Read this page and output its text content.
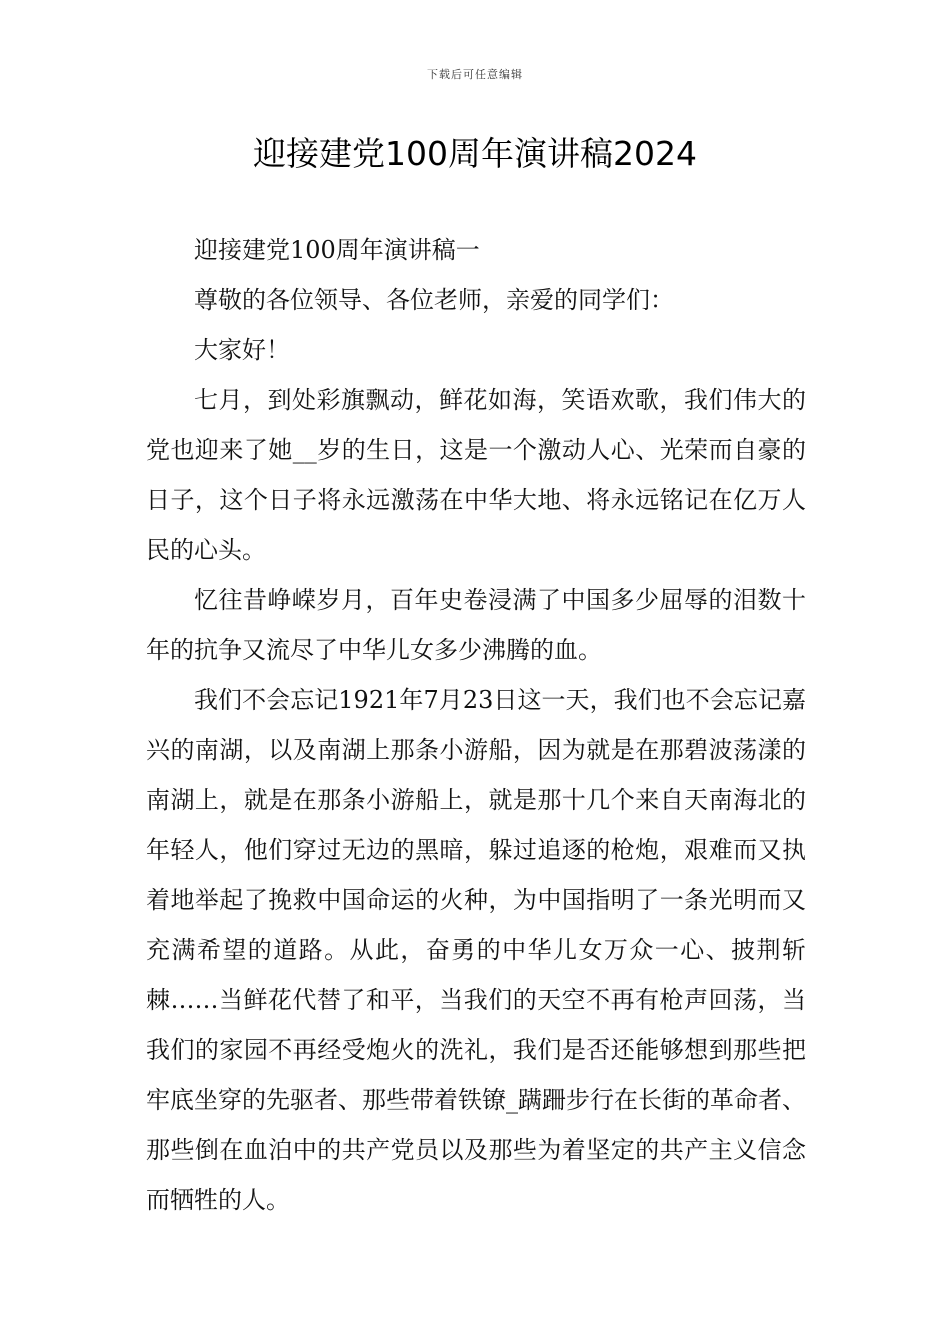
下载后可任意编辑
迎接建党100周年演讲稿2024

迎接建党100周年演讲稿一

尊敬的各位领导、各位老师，亲爱的同学们：

大家好！

七月，到处彩旗飘动，鲜花如海，笑语欢歌，我们伟大的党也迎来了她__岁的生日，这是一个激动人心、光荣而自豪的日子，这个日子将永远激荡在中华大地、将永远铭记在亿万人民的心头。

忆往昔峥嵘岁月，百年史卷浸满了中国多少屈辱的泪数十年的抗争又流尽了中华儿女多少沸腾的血。

我们不会忘记1921年7月23日这一天，我们也不会忘记嘉兴的南湖，以及南湖上那条小游船，因为就是在那碧波荡漾的南湖上，就是在那条小游船上，就是那十几个来自天南海北的年轻人，他们穿过无边的黑暗，躲过追逐的枪炮，艰难而又执着地举起了挽救中国命运的火种，为中国指明了一条光明而又充满希望的道路。从此，奋勇的中华儿女万众一心、披荆斩棘……当鲜花代替了和平，当我们的天空不再有枪声回荡，当我们的家园不再经受炮火的洗礼，我们是否还能够想到那些把牢底坐穿的先驱者、那些带着铁镣_蹒跚步行在长街的革命者、那些倒在血泊中的共产党员以及那些为着坚定的共产主义信念而牺牲的人。
